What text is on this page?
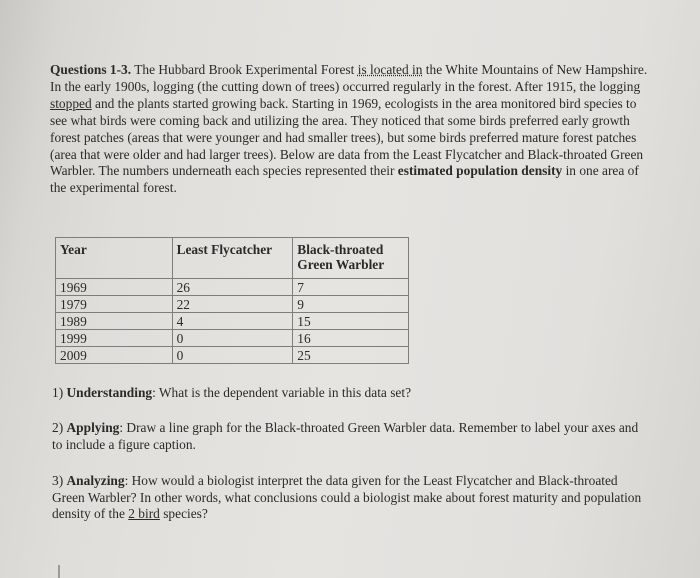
Questions 1-3. The Hubbard Brook Experimental Forest is located in the White Mountains of New Hampshire. In the early 1900s, logging (the cutting down of trees) occurred regularly in the forest. After 1915, the logging stopped and the plants started growing back. Starting in 1969, ecologists in the area monitored bird species to see what birds were coming back and utilizing the area. They noticed that some birds preferred early growth forest patches (areas that were younger and had smaller trees), but some birds preferred mature forest patches (area that were older and had larger trees). Below are data from the Least Flycatcher and Black-throated Green Warbler. The numbers underneath each species represented their estimated population density in one area of the experimental forest.

Year	Least Flycatcher	Black-throated Green Warbler
1969	26	7
1979	22	9
1989	4	15
1999	0	16
2009	0	25

1) Understanding: What is the dependent variable in this data set?

2) Applying: Draw a line graph for the Black-throated Green Warbler data. Remember to label your axes and to include a figure caption.

3) Analyzing: How would a biologist interpret the data given for the Least Flycatcher and Black-throated Green Warbler? In other words, what conclusions could a biologist make about forest maturity and population density of the 2 bird species?
